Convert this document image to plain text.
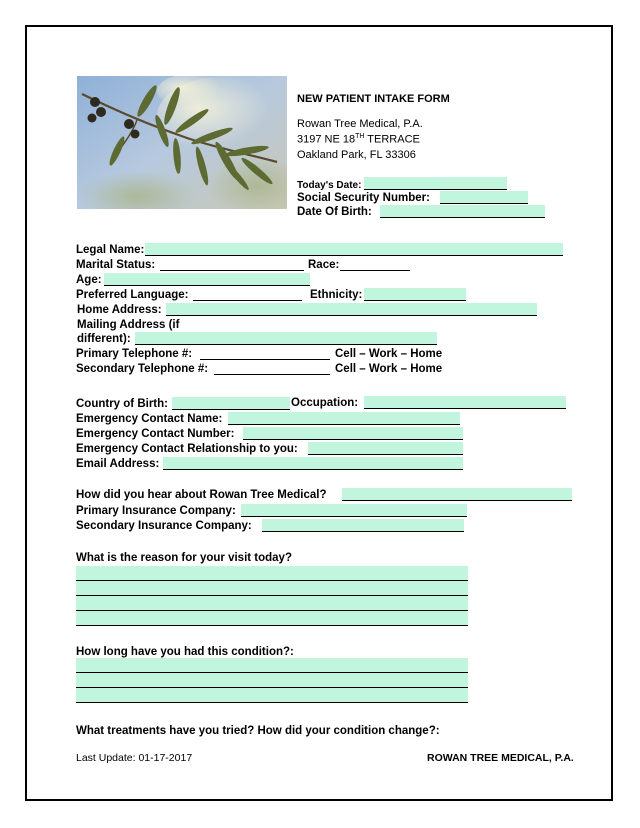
NEW PATIENT INTAKE FORM
Rowan Tree Medical, P.A.
3197 NE 18TH TERRACE
Oakland Park, FL 33306
Today's Date:
Social Security Number:
Date Of Birth:
Legal Name:
Marital Status:	Race:
Age:
Preferred Language:	Ethnicity:
Home Address:
Mailing Address (if
different):
Primary Telephone #:	Cell – Work – Home
Secondary Telephone #:	Cell – Work – Home
Country of Birth:	Occupation:
Emergency Contact Name:
Emergency Contact Number:
Emergency Contact Relationship to you:
Email Address:
How did you hear about Rowan Tree Medical?
Primary Insurance Company:
Secondary Insurance Company:
What is the reason for your visit today?
How long have you had this condition?:
What treatments have you tried? How did your condition change?:
Last Update: 01-17-2017	ROWAN TREE MEDICAL, P.A.
